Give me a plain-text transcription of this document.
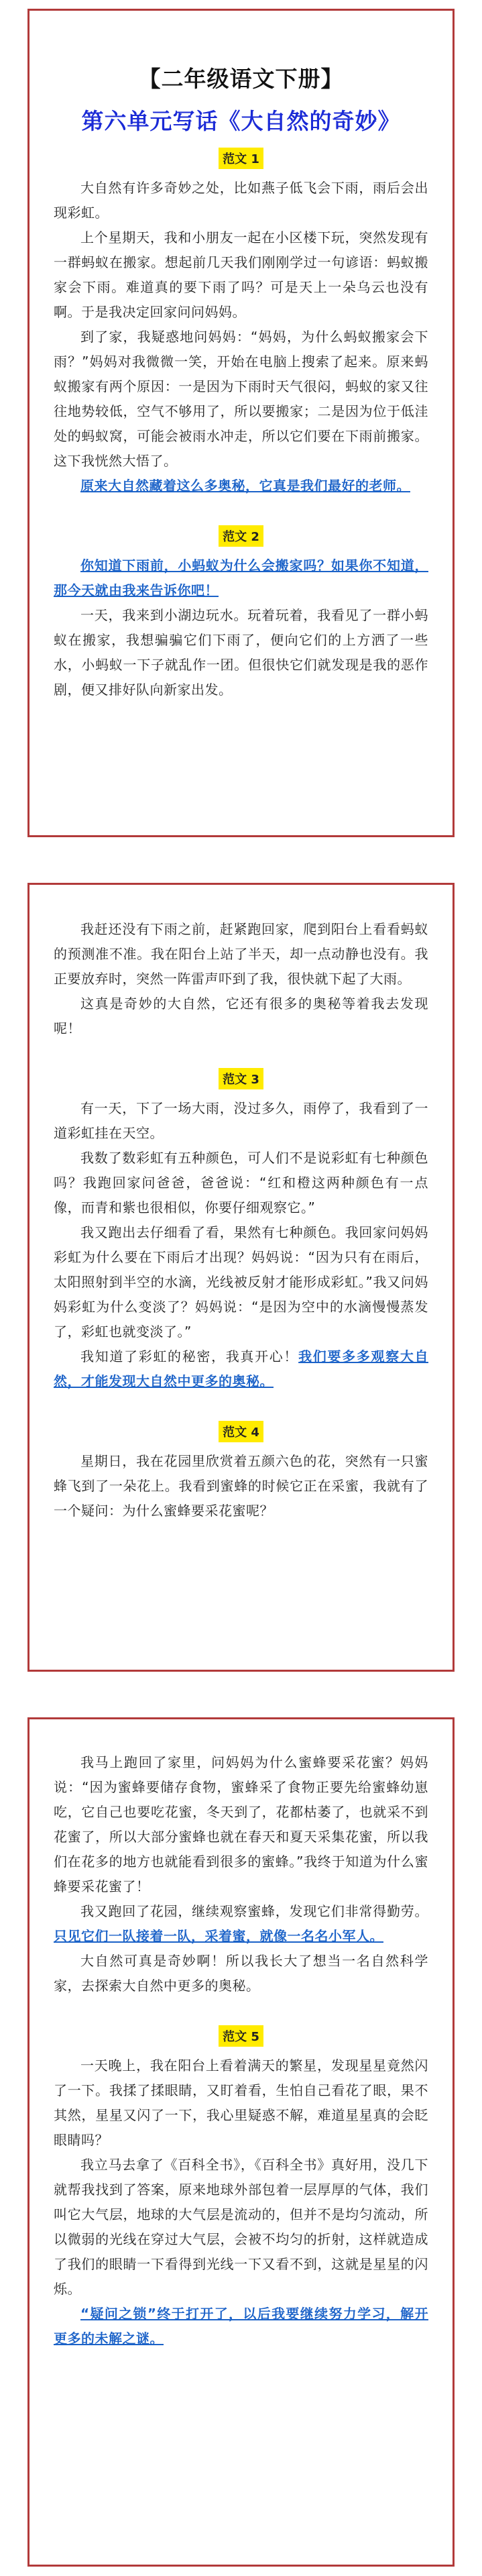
【二年级语文下册】
第六单元写话《大自然的奇妙》
范文 1

大自然有许多奇妙之处，比如燕子低飞会下雨，雨后会出现彩虹。

上个星期天，我和小朋友一起在小区楼下玩，突然发现有一群蚂蚁在搬家。想起前几天我们刚刚学过一句谚语：蚂蚁搬家会下雨。难道真的要下雨了吗？可是天上一朵乌云也没有啊。于是我决定回家问问妈妈。

到了家，我疑惑地问妈妈：“妈妈，为什么蚂蚁搬家会下雨？”妈妈对我微微一笑，开始在电脑上搜索了起来。原来蚂蚁搬家有两个原因：一是因为下雨时天气很闷，蚂蚁的家又往往地势较低，空气不够用了，所以要搬家；二是因为位于低洼处的蚂蚁窝，可能会被雨水冲走，所以它们要在下雨前搬家。这下我恍然大悟了。

原来大自然藏着这么多奥秘，它真是我们最好的老师。

范文 2

你知道下雨前，小蚂蚁为什么会搬家吗？如果你不知道，那今天就由我来告诉你吧！

一天，我来到小湖边玩水。玩着玩着，我看见了一群小蚂蚁在搬家，我想骗骗它们下雨了，便向它们的上方洒了一些水，小蚂蚁一下子就乱作一团。但很快它们就发现是我的恶作剧，便又排好队向新家出发。

我赶还没有下雨之前，赶紧跑回家，爬到阳台上看看蚂蚁的预测准不准。我在阳台上站了半天，却一点动静也没有。我正要放弃时，突然一阵雷声吓到了我，很快就下起了大雨。

这真是奇妙的大自然，它还有很多的奥秘等着我去发现呢！

范文 3

有一天，下了一场大雨，没过多久，雨停了，我看到了一道彩虹挂在天空。

我数了数彩虹有五种颜色，可人们不是说彩虹有七种颜色吗？我跑回家问爸爸，爸爸说：“红和橙这两种颜色有一点像，而青和紫也很相似，你要仔细观察它。”

我又跑出去仔细看了看，果然有七种颜色。我回家问妈妈彩虹为什么要在下雨后才出现？妈妈说：“因为只有在雨后，太阳照射到半空的水滴，光线被反射才能形成彩虹。”我又问妈妈彩虹为什么变淡了？妈妈说：“是因为空中的水滴慢慢蒸发了，彩虹也就变淡了。”

我知道了彩虹的秘密，我真开心！我们要多多观察大自然，才能发现大自然中更多的奥秘。

范文 4

星期日，我在花园里欣赏着五颜六色的花，突然有一只蜜蜂飞到了一朵花上。我看到蜜蜂的时候它正在采蜜，我就有了一个疑问：为什么蜜蜂要采花蜜呢？

我马上跑回了家里，问妈妈为什么蜜蜂要采花蜜？妈妈说：“因为蜜蜂要储存食物，蜜蜂采了食物正要先给蜜蜂幼崽吃，它自己也要吃花蜜，冬天到了，花都枯萎了，也就采不到花蜜了，所以大部分蜜蜂也就在春天和夏天采集花蜜，所以我们在花多的地方也就能看到很多的蜜蜂。”我终于知道为什么蜜蜂要采花蜜了！

我又跑回了花园，继续观察蜜蜂，发现它们非常得勤劳。只见它们一队接着一队，采着蜜，就像一名名小军人。

大自然可真是奇妙啊！所以我长大了想当一名自然科学家，去探索大自然中更多的奥秘。

范文 5

一天晚上，我在阳台上看着满天的繁星，发现星星竟然闪了一下。我揉了揉眼睛，又盯着看，生怕自己看花了眼，果不其然，星星又闪了一下，我心里疑惑不解，难道星星真的会眨眼睛吗？

我立马去拿了《百科全书》，《百科全书》真好用，没几下就帮我找到了答案，原来地球外部包着一层厚厚的气体，我们叫它大气层，地球的大气层是流动的，但并不是均匀流动，所以微弱的光线在穿过大气层，会被不均匀的折射，这样就造成了我们的眼睛一下看得到光线一下又看不到，这就是星星的闪烁。

“疑问之锁”终于打开了，以后我要继续努力学习，解开更多的未解之谜。
